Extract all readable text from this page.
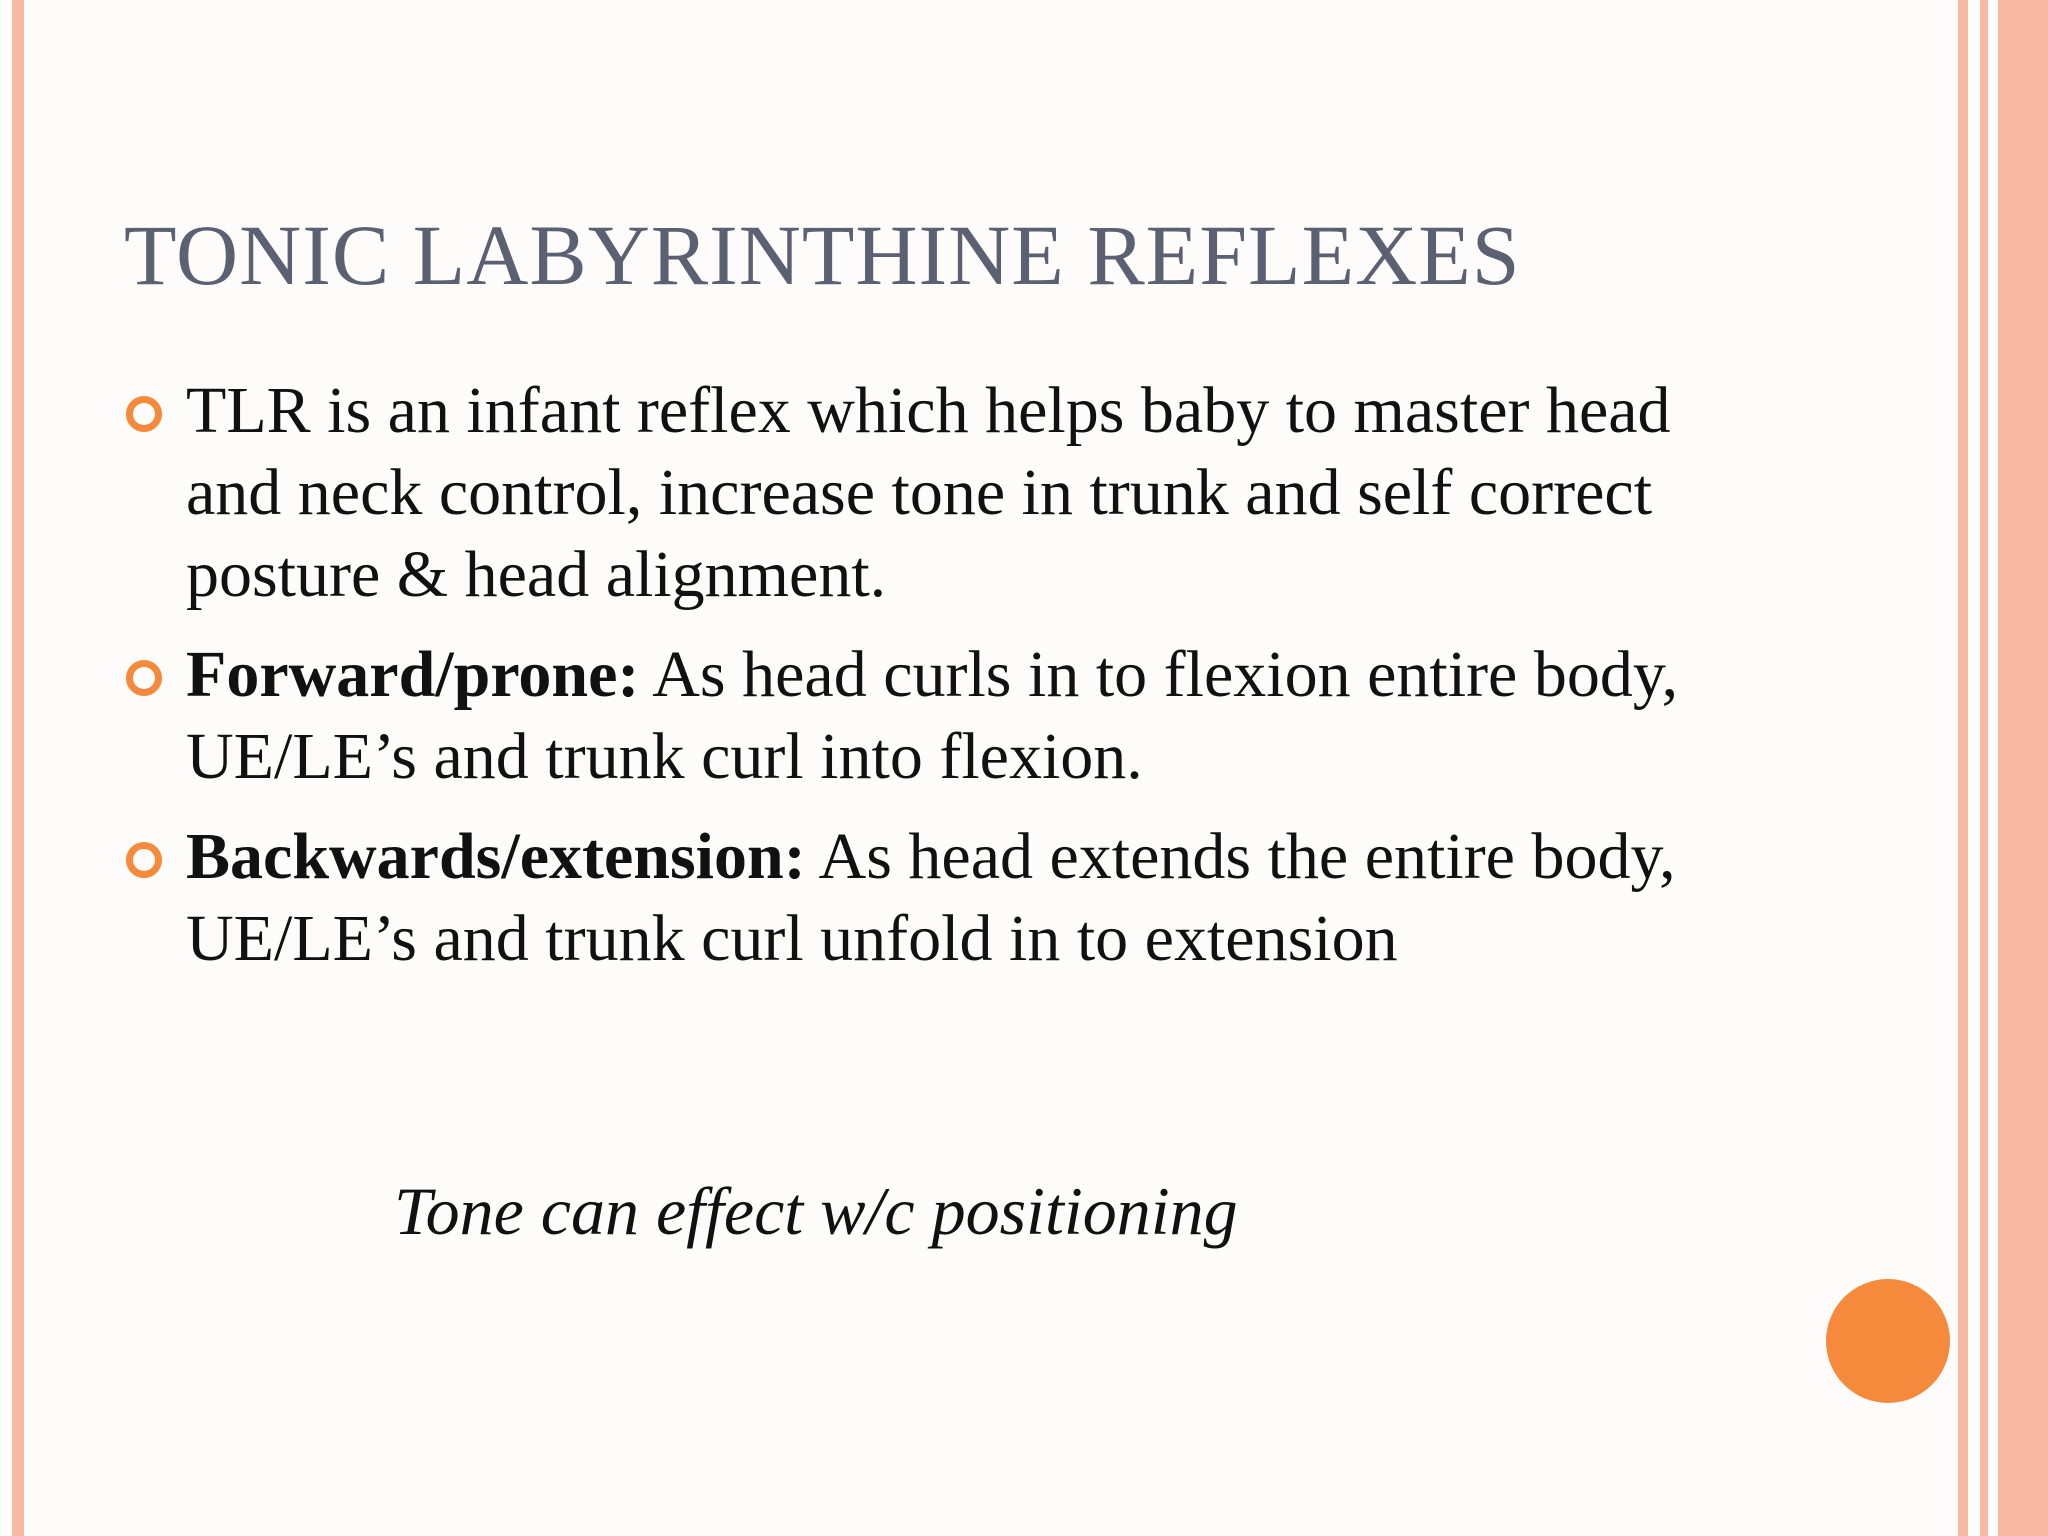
TONIC LABYRINTHINE REFLEXES
TLR is an infant reflex which helps baby to master head and neck control, increase tone in trunk and self correct posture & head alignment.
Forward/prone: As head curls in to flexion entire body, UE/LE’s and trunk curl into flexion.
Backwards/extension: As head extends the entire body, UE/LE’s and trunk curl unfold in to extension

Tone can effect w/c positioning
